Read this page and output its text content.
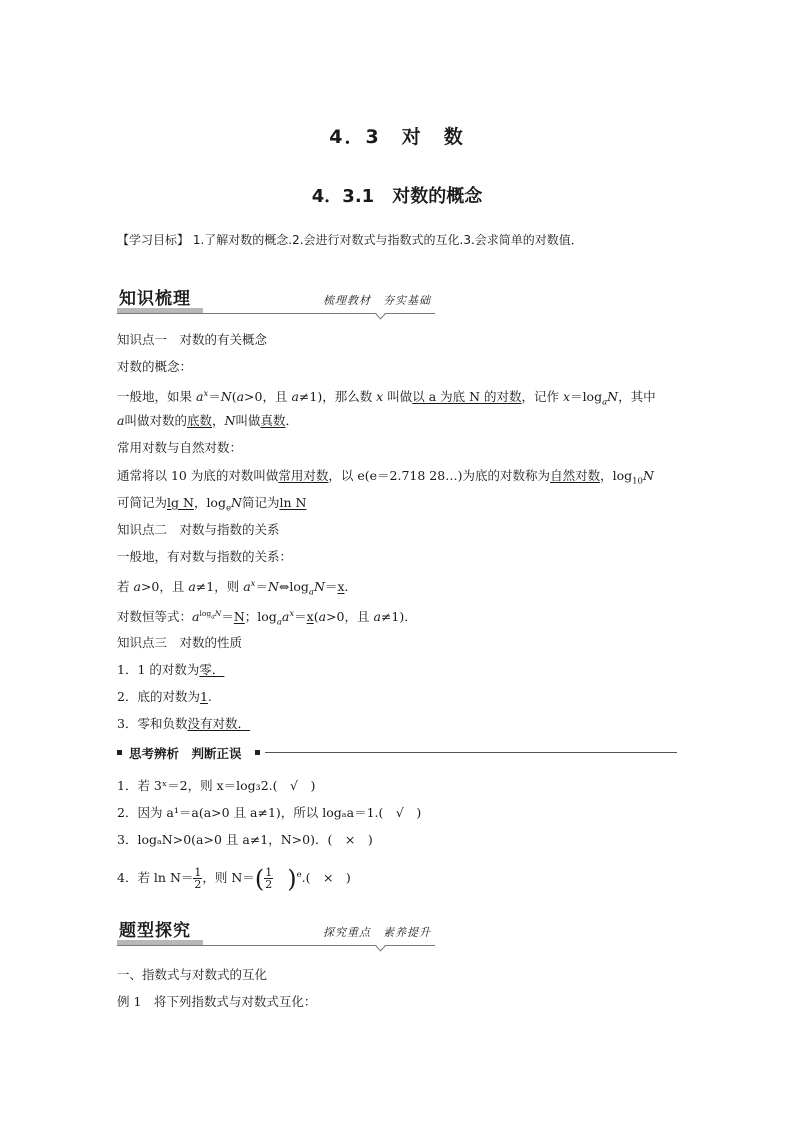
4．3　对　数
4．3.1　对数的概念
【学习目标】 1.了解对数的概念.2.会进行对数式与指数式的互化.3.会求简单的对数值．
知识梳理	梳理教材　夯实基础
知识点一　对数的有关概念
对数的概念：
一般地，如果 $a^x=N(a>0$，且 a≠1)，那么数 x 叫做以 a 为底 N 的对数，记作 $x=\log_aN$，其中
a叫做对数的底数，N叫做真数．
常用对数与自然对数：
通常将以 10 为底的对数叫做常用对数，以 e(e＝2.718 28…)为底的对数称为自然对数，$\log_{10}N$
可简记为lg N，$\log_eN$简记为ln N
知识点二　对数与指数的关系
一般地，有对数与指数的关系：
若 a>0，且 a≠1，则 $a^x=N\Leftrightarrow\log_aN=x$.
对数恒等式：$a^{log_aN}=N$；$\log_aa^x=x(a>0$，且 a≠1)．
知识点三　对数的性质
1．1 的对数为零．
2．底的对数为1.
3．零和负数没有对数．
思考辨析　判断正误
1．若 3ˣ＝2，则 x＝log₃2.(　√　)
2．因为 a¹＝a(a>0 且 a≠1)，所以 logₐa＝1.(　√　)
3．logₐN>0(a>0 且 a≠1，N>0)．(　×　)
4．若 $\ln N= \frac{1}{2}$ ，则 $N=( \frac{1}{2} )^e$.(　×　)
题型探究	探究重点　素养提升
一、指数式与对数式的互化
例 1　将下列指数式与对数式互化：
